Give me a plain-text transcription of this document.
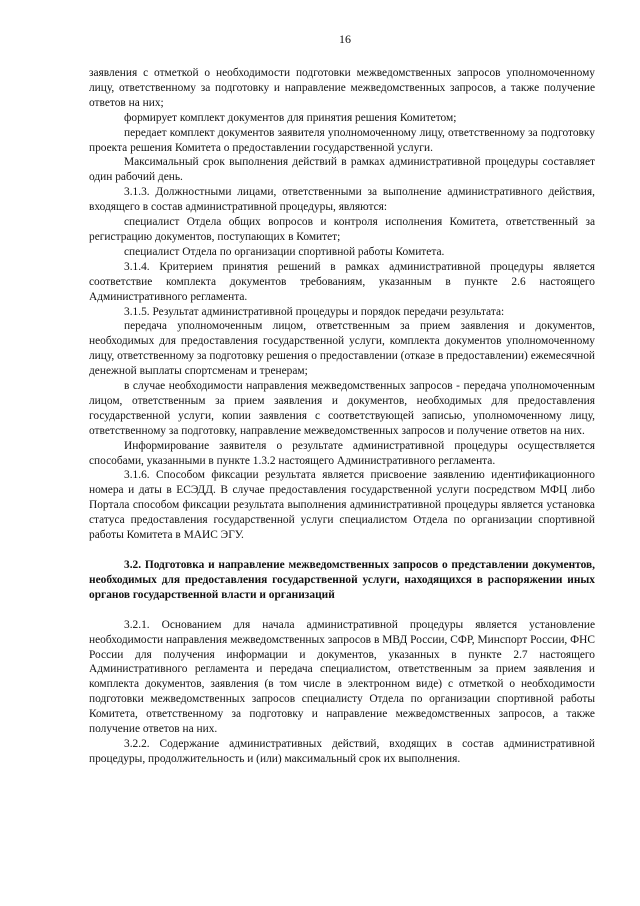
16

заявления с отметкой о необходимости подготовки межведомственных запросов уполномоченному лицу, ответственному за подготовку и направление межведомственных запросов, а также получение ответов на них;

формирует комплект документов для принятия решения Комитетом;

передает комплект документов заявителя уполномоченному лицу, ответственному за подготовку проекта решения Комитета о предоставлении государственной услуги.

Максимальный срок выполнения действий в рамках административной процедуры составляет один рабочий день.

3.1.3. Должностными лицами, ответственными за выполнение административного действия, входящего в состав административной процедуры, являются:

специалист Отдела общих вопросов и контроля исполнения Комитета, ответственный за регистрацию документов, поступающих в Комитет;

специалист Отдела по организации спортивной работы Комитета.

3.1.4. Критерием принятия решений в рамках административной процедуры является соответствие комплекта документов требованиям, указанным в пункте 2.6 настоящего Административного регламента.

3.1.5. Результат административной процедуры и порядок передачи результата:

передача уполномоченным лицом, ответственным за прием заявления и документов, необходимых для предоставления государственной услуги, комплекта документов уполномоченному лицу, ответственному за подготовку решения о предоставлении (отказе в предоставлении) ежемесячной денежной выплаты спортсменам и тренерам;

в случае необходимости направления межведомственных запросов - передача уполномоченным лицом, ответственным за прием заявления и документов, необходимых для предоставления государственной услуги, копии заявления с соответствующей записью, уполномоченному лицу, ответственному за подготовку, направление межведомственных запросов и получение ответов на них.

Информирование заявителя о результате административной процедуры осуществляется способами, указанными в пункте 1.3.2 настоящего Административного регламента.

3.1.6. Способом фиксации результата является присвоение заявлению идентификационного номера и даты в ЕСЭДД. В случае предоставления государственной услуги посредством МФЦ либо Портала способом фиксации результата выполнения административной процедуры является установка статуса предоставления государственной услуги специалистом Отдела по организации спортивной работы Комитета в МАИС ЭГУ.

3.2. Подготовка и направление межведомственных запросов о представлении документов, необходимых для предоставления государственной услуги, находящихся в распоряжении иных органов государственной власти и организаций

3.2.1. Основанием для начала административной процедуры является установление необходимости направления межведомственных запросов в МВД России, СФР, Минспорт России, ФНС России для получения информации и документов, указанных в пункте 2.7 настоящего Административного регламента и передача специалистом, ответственным за прием заявления и комплекта документов, заявления (в том числе в электронном виде) с отметкой о необходимости подготовки межведомственных запросов специалисту Отдела по организации спортивной работы Комитета, ответственному за подготовку и направление межведомственных запросов, а также получение ответов на них.

3.2.2. Содержание административных действий, входящих в состав административной процедуры, продолжительность и (или) максимальный срок их выполнения.
